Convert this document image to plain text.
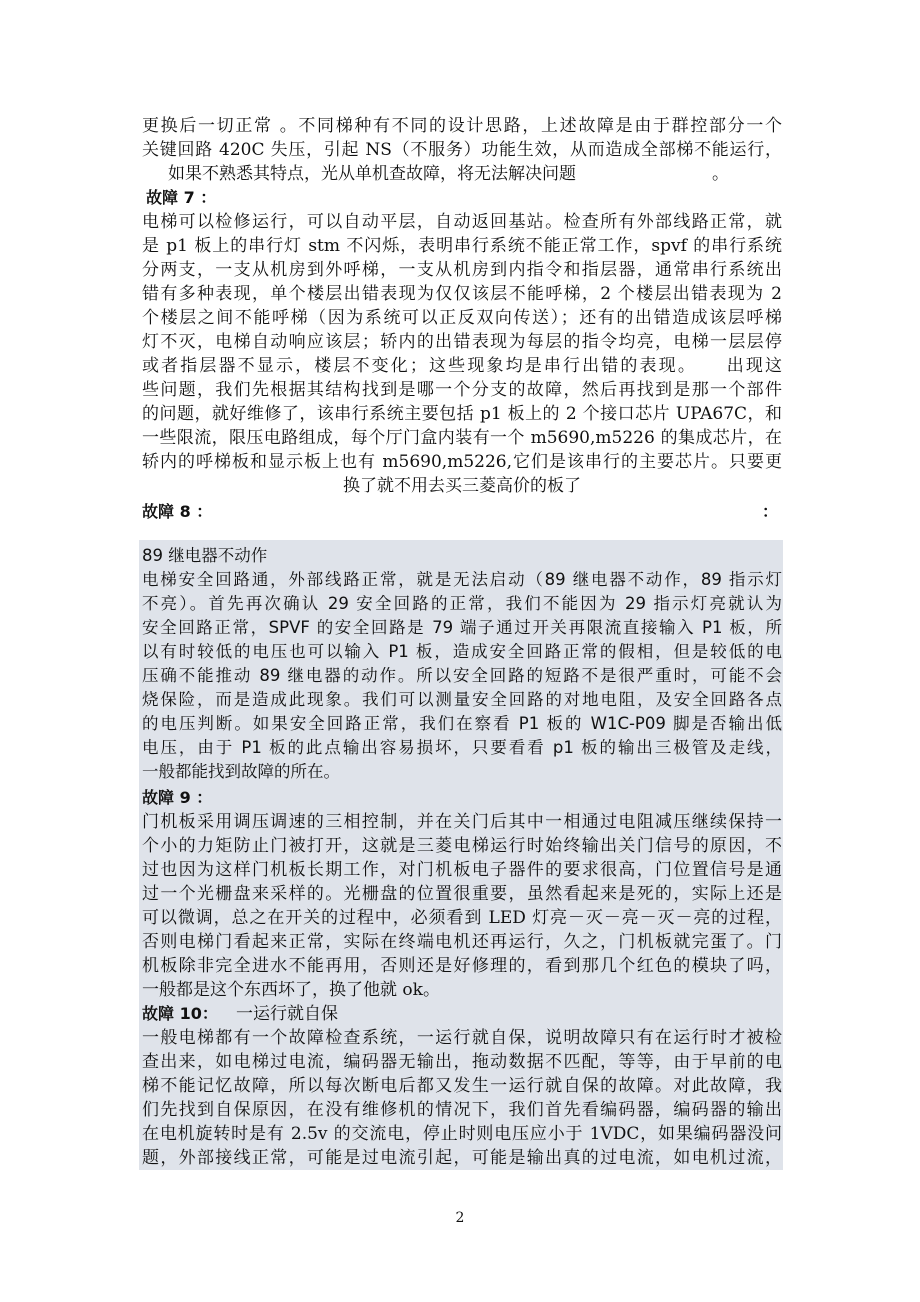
更换后一切正常 。不同梯种有不同的设计思路，上述故障是由于群控部分一个
关键回路 420C 失压，引起 NS（不服务）功能生效，从而造成全部梯不能运行，
如果不熟悉其特点，光从单机查故障，将无法解决问题　　　　　　　　。
故障 7 ：
电梯可以检修运行，可以自动平层，自动返回基站。检查所有外部线路正常，就
是 p1 板上的串行灯 stm 不闪烁，表明串行系统不能正常工作，spvf 的串行系统
分两支，一支从机房到外呼梯，一支从机房到内指令和指层器，通常串行系统出
错有多种表现，单个楼层出错表现为仅仅该层不能呼梯，2 个楼层出错表现为 2
个楼层之间不能呼梯（因为系统可以正反双向传送）；还有的出错造成该层呼梯
灯不灭，电梯自动响应该层；轿内的出错表现为每层的指令均亮，电梯一层层停
或者指层器不显示，楼层不变化；这些现象均是串行出错的表现。　　出现这
些问题，我们先根据其结构找到是哪一个分支的故障，然后再找到是那一个部件
的问题，就好维修了，该串行系统主要包括 p1 板上的 2 个接口芯片 UPA67C，和
一些限流，限压电路组成，每个厅门盒内装有一个 m5690,m5226 的集成芯片，在
轿内的呼梯板和显示板上也有 m5690,m5226,它们是该串行的主要芯片。只要更
换了就不用去买三菱高价的板了
故障 8 ：	：
89 继电器不动作
电梯安全回路通，外部线路正常，就是无法启动（89 继电器不动作，89 指示灯
不亮）。首先再次确认 29 安全回路的正常，我们不能因为 29 指示灯亮就认为
安全回路正常，SPVF 的安全回路是 79 端子通过开关再限流直接输入 P1 板，所
以有时较低的电压也可以输入 P1 板，造成安全回路正常的假相，但是较低的电
压确不能推动 89 继电器的动作。所以安全回路的短路不是很严重时，可能不会
烧保险，而是造成此现象。我们可以测量安全回路的对地电阻，及安全回路各点
的电压判断。如果安全回路正常，我们在察看 P1 板的 W1C-P09 脚是否输出低
电压，由于 P1 板的此点输出容易损坏，只要看看 p1 板的输出三极管及走线，
一般都能找到故障的所在。
故障 9 ：
门机板采用调压调速的三相控制，并在关门后其中一相通过电阻减压继续保持一
个小的力矩防止门被打开，这就是三菱电梯运行时始终输出关门信号的原因，不
过也因为这样门机板长期工作，对门机板电子器件的要求很高，门位置信号是通
过一个光栅盘来采样的。光栅盘的位置很重要，虽然看起来是死的，实际上还是
可以微调，总之在开关的过程中，必须看到 LED 灯亮－灭－亮－灭－亮的过程，
否则电梯门看起来正常，实际在终端电机还再运行，久之，门机板就完蛋了。门
机板除非完全进水不能再用，否则还是好修理的，看到那几个红色的模块了吗，
一般都是这个东西坏了，换了他就 ok。
故障 10：	一运行就自保
一般电梯都有一个故障检查系统，一运行就自保，说明故障只有在运行时才被检
查出来，如电梯过电流，编码器无输出，拖动数据不匹配，等等，由于早前的电
梯不能记忆故障，所以每次断电后都又发生一运行就自保的故障。对此故障，我
们先找到自保原因，在没有维修机的情况下，我们首先看编码器，编码器的输出
在电机旋转时是有 2.5v 的交流电，停止时则电压应小于 1VDC，如果编码器没问
题，外部接线正常，可能是过电流引起，可能是输出真的过电流，如电机过流，
2
